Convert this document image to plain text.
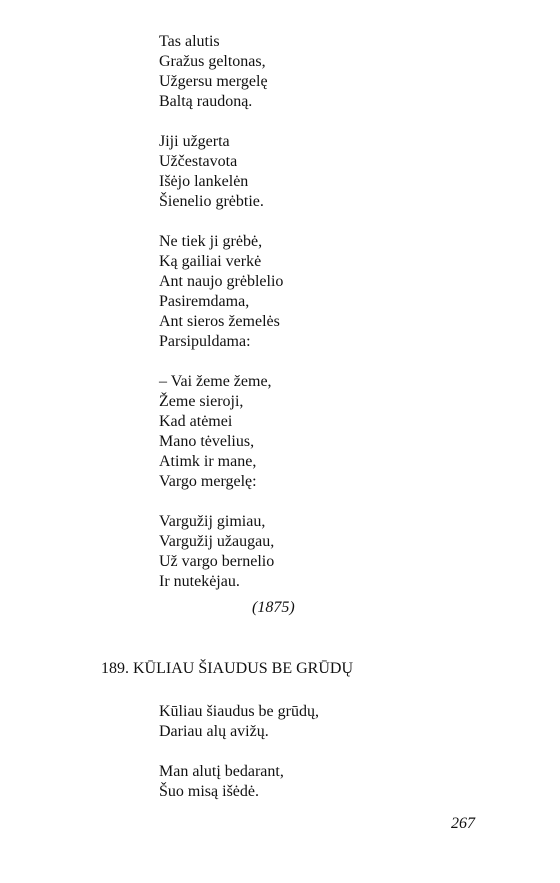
Tas alutis
Gražus geltonas,
Užgersu mergelę
Baltą raudoną.
Jiji užgerta
Užčestavota
Išėjo lankelėn
Šienelio grėbtie.
Ne tiek ji grėbė,
Ką gailiai verkė
Ant naujo grėblelio
Pasiremdama,
Ant sieros žemelės
Parsipuldama:
– Vai žeme žeme,
Žeme sieroji,
Kad atėmei
Mano tėvelius,
Atimk ir mane,
Vargo mergelę:
Vargužij gimiau,
Vargužij užaugau,
Už vargo bernelio
Ir nutekėjau.
(1875)
189. KŪLIAU ŠIAUDUS BE GRŪDŲ
Kūliau šiaudus be grūdų,
Dariau alų avižų.
Man alutį bedarant,
Šuo misą išėdė.
267
